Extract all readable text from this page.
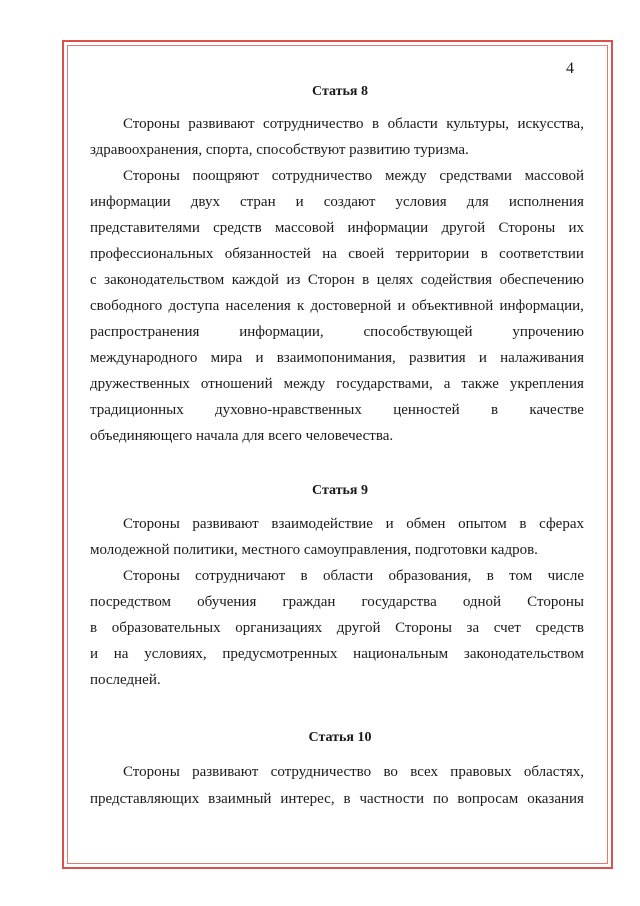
4
Статья 8
Стороны развивают сотрудничество в области культуры, искусства,
здравоохранения, спорта, способствуют развитию туризма.
Стороны поощряют сотрудничество между средствами массовой
информации двух стран и создают условия для исполнения
представителями средств массовой информации другой Стороны их
профессиональных обязанностей на своей территории в соответствии
с законодательством каждой из Сторон в целях содействия обеспечению
свободного доступа населения к достоверной и объективной информации,
распространения	информации,	способствующей	упрочению
международного мира и взаимопонимания, развития и налаживания
дружественных отношений между государствами, а также укрепления
традиционных духовно-нравственных ценностей в качестве
объединяющего начала для всего человечества.
Статья 9
Стороны развивают взаимодействие и обмен опытом в сферах
молодежной политики, местного самоуправления, подготовки кадров.
Стороны сотрудничают в области образования, в том числе
посредством обучения граждан государства одной Стороны
в образовательных организациях другой Стороны за счет средств
и на условиях, предусмотренных национальным законодательством
последней.
Статья 10
Стороны развивают сотрудничество во всех правовых областях,
представляющих взаимный интерес, в частности по вопросам оказания
